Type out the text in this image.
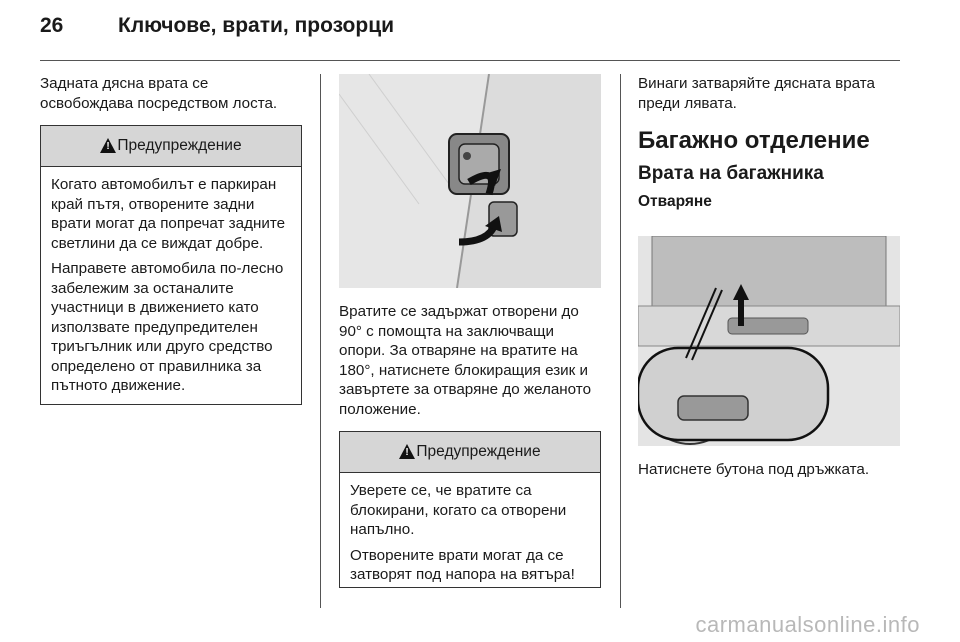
26	Ключове, врати, прозорци

Задната дясна врата се освобождава посредством лоста.

!
Предупреждение

Когато автомобилът е паркиран край пътя, отворените задни врати могат да попречат задните светлини да се виждат добре.

Направете автомобила по-лесно забележим за останалите участници в движението като използвате предупредителен триъгълник или друго средство определено от правилника за пътното движение.

Вратите се задържат отворени до 90° с помощта на заключващи опори. За отваряне на вратите на 180°, натиснете блокиращия език и завъртете за отваряне до желаното положение.

!
Предупреждение

Уверете се, че вратите са блокирани, когато са отворени напълно.

Отворените врати могат да се затворят под напора на вятъра!

Винаги затваряйте дясната врата преди лявата.

Багажно отделение
Врата на багажника
Отваряне

Натиснете бутона под дръжката.

carmanualsonline.info
